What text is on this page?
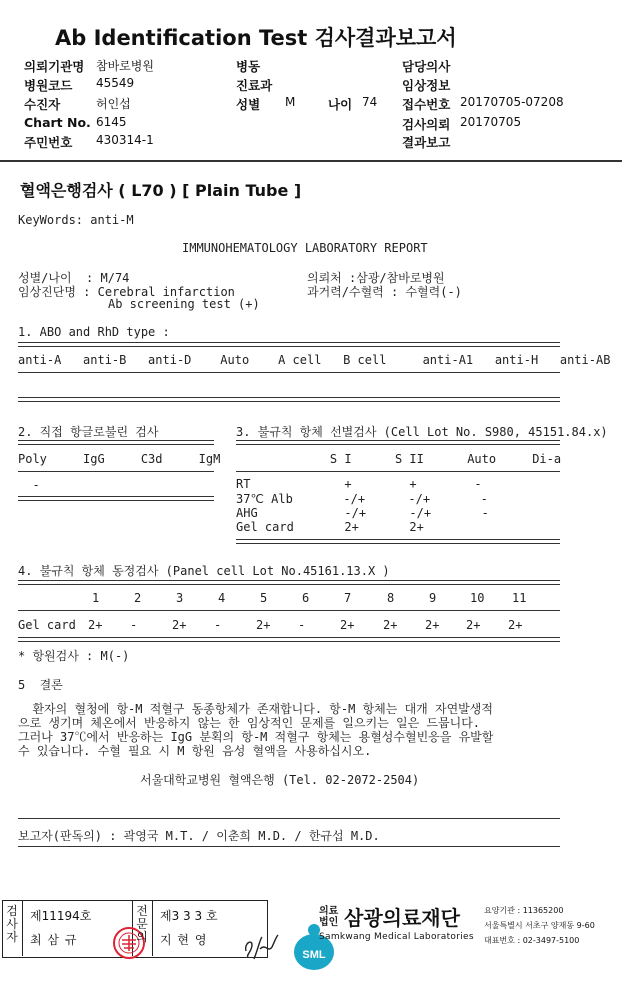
Ab Identification Test 검사결과보고서
의뢰기관명 참바로병원
병원코드 45549
수진자	허인섭
Chart No. 6145
주민번호 430314-1
병동
진료과
성별 M	나이 74
담당의사
임상정보
접수번호 20170705-07208
검사의뢰 20170705
결과보고
혈액은행검사 ( L70 ) [ Plain Tube ]
KeyWords: anti-M
IMMUNOHEMATOLOGY LABORATORY REPORT
성별/나이  : M/74
임상진단명 : Cerebral infarction
Ab screening test (+)
의뢰처 :삼광/참바로병원
과거력/수혈력 : 수혈력(-)
1. ABO and RhD type :
anti-A   anti-B   anti-D    Auto    A cell   B cell     anti-A1   anti-H   anti-AB
2. 직접 항글로불린 검사
Poly     IgG     C3d     IgM
-
3. 불규칙 항체 선별검사 (Cell Lot No. S980, 45151.84.x)
S I      S II      Auto     Di-a
RT             +        +        -
37℃ Alb       -/+      -/+       -
AHG            -/+      -/+       -
Gel card       2+       2+
4. 불규칙 항체 동정검사 (Panel cell Lot No.45161.13.X )
1	2	3	4	5	6	7	8	9	10 11
Gel card 2+ -	2+ -	2+ -	2+ 2+ 2+ 2+ 2+
* 항원검사 : M(-)
5  결론
환자의 혈청에 항-M 적혈구 동종항체가 존재합니다. 항-M 항체는 대개 자연발생적
으로 생기며 체온에서 반응하지 않는 한 임상적인 문제를 일으키는 일은 드뭅니다.
그러나 37℃에서 반응하는 IgG 분획의 항-M 적혈구 항체는 용혈성수혈빈응을 유발할
수 있습니다. 수혈 필요 시 M 항원 음성 혈액을 사용하십시오.
서울대학교병원 혈액은행 (Tel. 02-2072-2504)
보고자(판독의) : 곽영국 M.T. / 이춘희 M.D. / 한규섭 M.D.
검
사
자
제11194호
최 삼 규

전
문
의
제3 3 3 호
지 현 영

SML

의료법인 삼광의료재단
Samkwang Medical Laboratories
요양기관 : 11365200
서울특별시 서초구 양재동 9-60
대표번호 : 02-3497-5100
